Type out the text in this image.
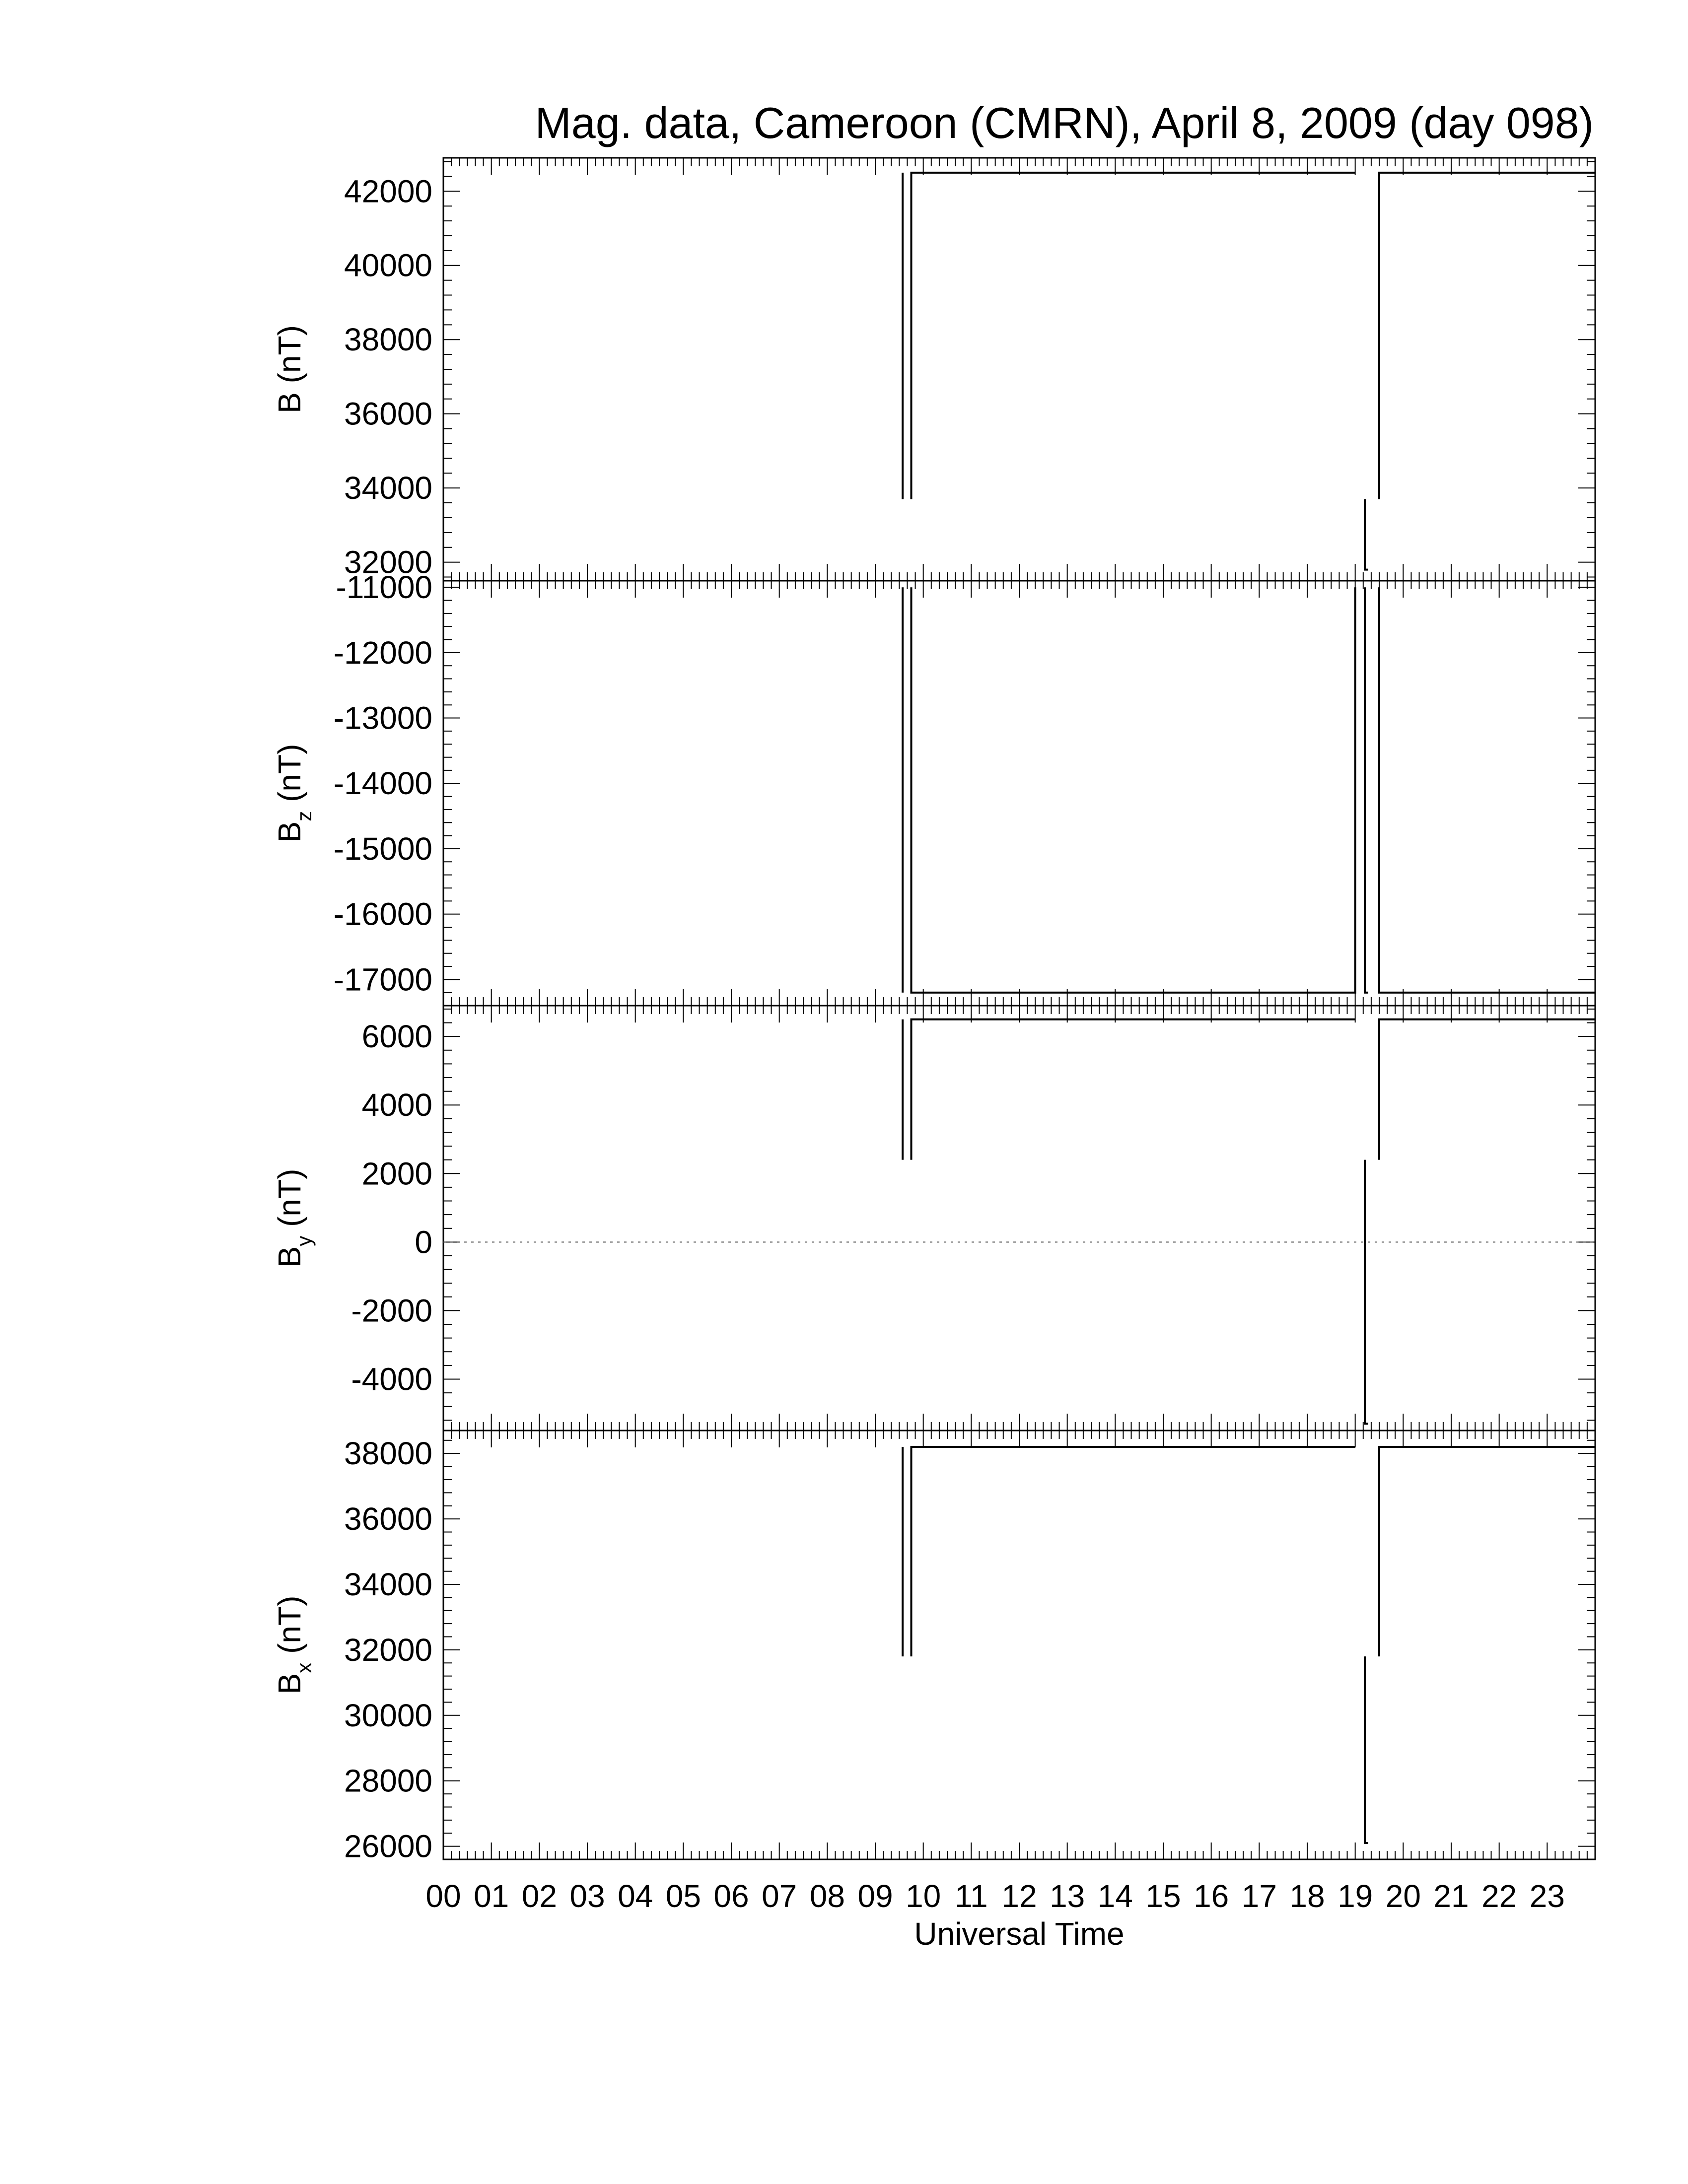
Mag. data, Cameroon (CMRN), April 8, 2009 (day 098)
32000
34000
36000
38000
40000
42000
B (nT)
-17000
-16000
-15000
-14000
-13000
-12000
-11000
$B_z$ (nT)
-4000
-2000
0
2000
4000
6000
$B_y$ (nT)
26000
28000
30000
32000
34000
36000
38000
$B_x$ (nT)
00 01 02 03 04 05 06 07 08 09 10 11 12 13 14 15 16 17 18 19 20 21 22 23
Universal Time
